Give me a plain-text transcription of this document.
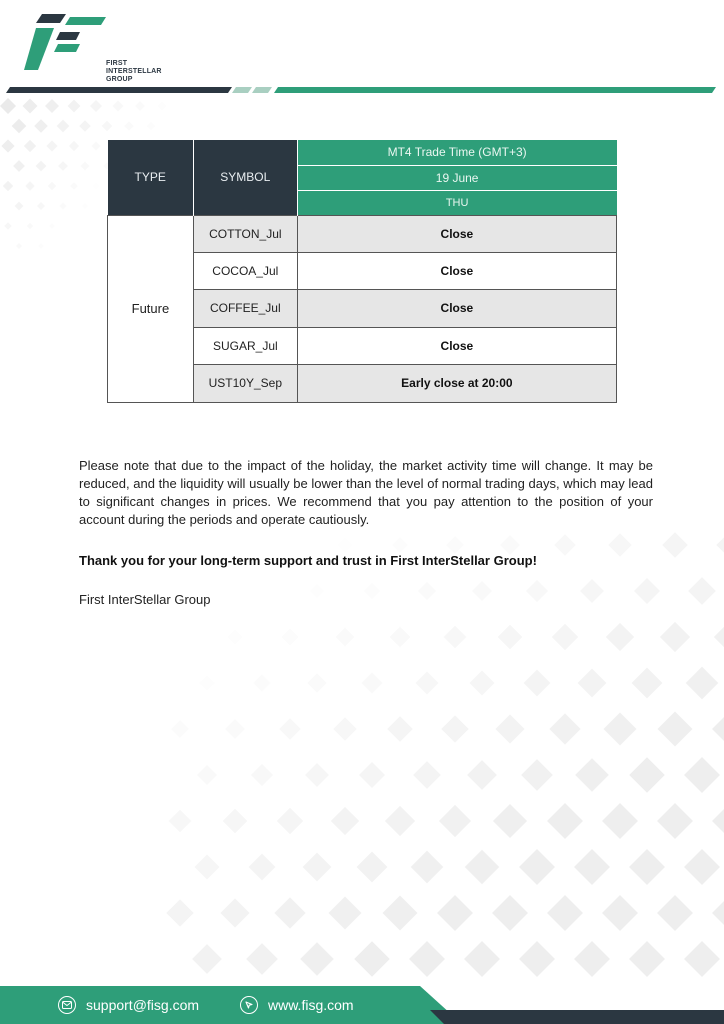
FIRST
INTERSTELLAR
GROUP
TYPE	SYMBOL	MT4 Trade Time (GMT+3)
		19 June
		THU
Future	COTTON_Jul	Close
	COCOA_Jul	Close
	COFFEE_Jul	Close
	SUGAR_Jul	Close
	UST10Y_Sep	Early close at 20:00

Please note that due to the impact of the holiday, the market activity time will change. It may be reduced, and the liquidity will usually be lower than the level of normal trading days, which may lead to significant changes in prices. We recommend that you pay attention to the position of your account during the periods and operate cautiously.

Thank you for your long-term support and trust in First InterStellar Group!

First InterStellar Group

support@fisg.com	www.fisg.com
